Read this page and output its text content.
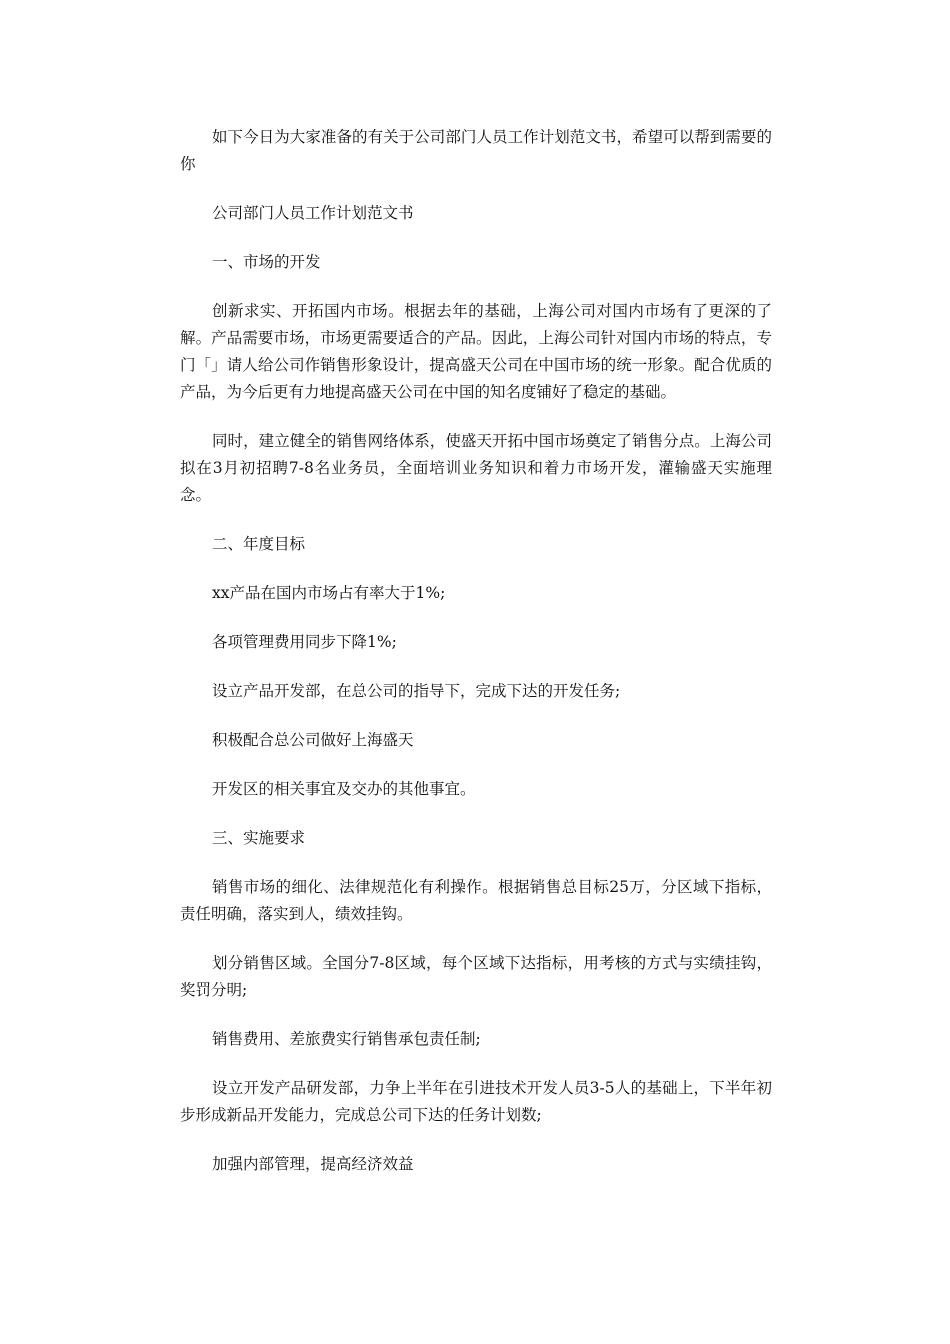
如下今日为大家准备的有关于公司部门人员工作计划范文书，希望可以帮到需要的你

公司部门人员工作计划范文书

一、市场的开发

创新求实、开拓国内市场。根据去年的基础，上海公司对国内市场有了更深的了解。产品需要市场，市场更需要适合的产品。因此，上海公司针对国内市场的特点，专门「」请人给公司作销售形象设计，提高盛天公司在中国市场的统一形象。配合优质的产品，为今后更有力地提高盛天公司在中国的知名度铺好了稳定的基础。

同时，建立健全的销售网络体系，使盛天开拓中国市场奠定了销售分点。上海公司拟在3月初招聘7-8名业务员，全面培训业务知识和着力市场开发，灌输盛天实施理念。

二、年度目标

xx产品在国内市场占有率大于1%;

各项管理费用同步下降1%;

设立产品开发部，在总公司的指导下，完成下达的开发任务;

积极配合总公司做好上海盛天

开发区的相关事宜及交办的其他事宜。

三、实施要求

销售市场的细化、法律规范化有利操作。根据销售总目标25万，分区域下指标，责任明确，落实到人，绩效挂钩。

划分销售区域。全国分7-8区域，每个区域下达指标，用考核的方式与实绩挂钩，奖罚分明;

销售费用、差旅费实行销售承包责任制;

设立开发产品研发部，力争上半年在引进技术开发人员3-5人的基础上，下半年初步形成新品开发能力，完成总公司下达的任务计划数;

加强内部管理，提高经济效益
